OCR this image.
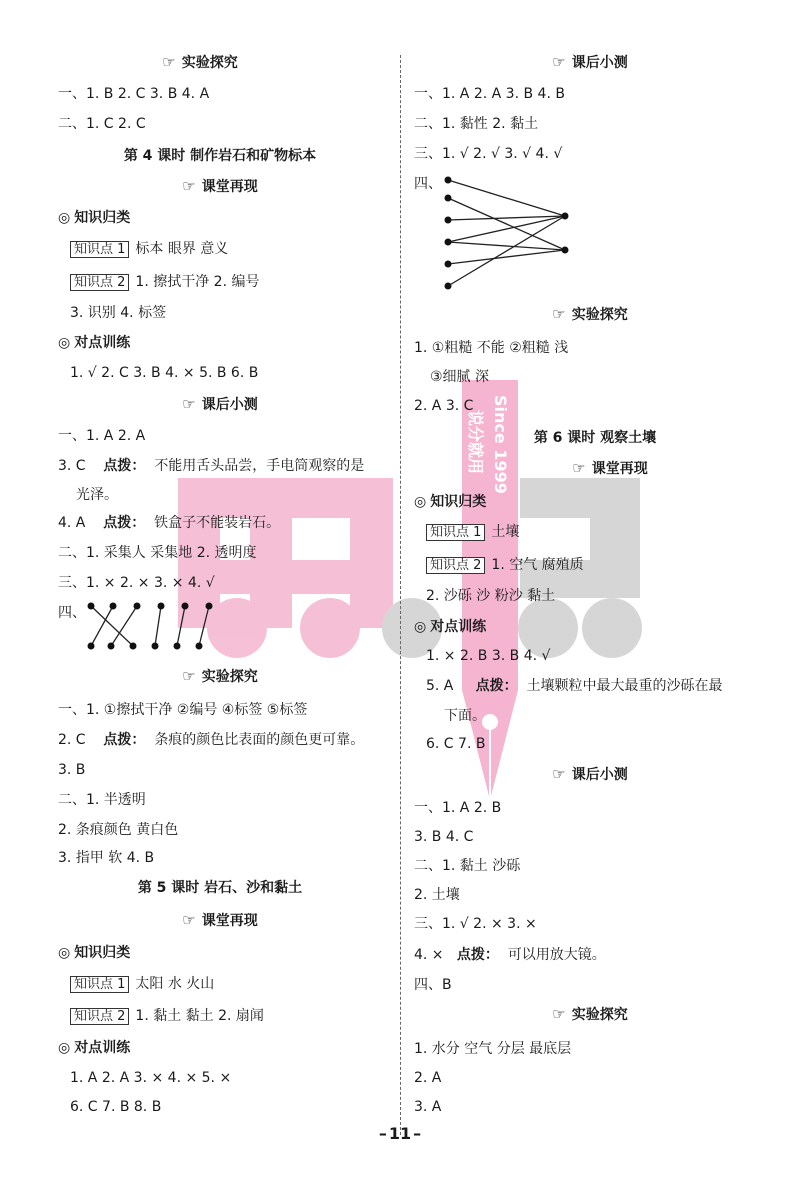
Since 1999
说分就用
☞ 实验探究
一、1. B 2. C 3. B 4. A
二、1. C 2. C
第 4 课时 制作岩石和矿物标本
☞ 课堂再现
◎ 知识归类
知识点 1 标本 眼界 意义
知识点 2 1. 擦拭干净 2. 编号
3. 识别 4. 标签
◎ 对点训练
1. √ 2. C 3. B 4. × 5. B 6. B
☞ 课后小测
一、1. A 2. A
3. C 点拨： 不能用舌头品尝，手电筒观察的是
光泽。
4. A 点拨： 铁盒子不能装岩石。
二、1. 采集人 采集地 2. 透明度
三、1. × 2. × 3. × 4. √
四、
☞ 实验探究
一、1. ①擦拭干净 ②编号 ④标签 ⑤标签
2. C 点拨： 条痕的颜色比表面的颜色更可靠。
3. B
二、1. 半透明
2. 条痕颜色 黄白色
3. 指甲 软 4. B
第 5 课时 岩石、沙和黏土
☞ 课堂再现
◎ 知识归类
知识点 1 太阳 水 火山
知识点 2 1. 黏土 黏土 2. 扇闻
◎ 对点训练
1. A 2. A 3. × 4. × 5. ×
6. C 7. B 8. B
☞ 课后小测
一、1. A 2. A 3. B 4. B
二、1. 黏性 2. 黏土
三、1. √ 2. √ 3. √ 4. √
四、
☞ 实验探究
1. ①粗糙 不能 ②粗糙 浅
③细腻 深
2. A 3. C
第 6 课时 观察土壤
☞ 课堂再现
◎ 知识归类
知识点 1 土壤
知识点 2 1. 空气 腐殖质
2. 沙砾 沙 粉沙 黏土
◎ 对点训练
1. × 2. B 3. B 4. √
5. A 点拨： 土壤颗粒中最大最重的沙砾在最
下面。
6. C 7. B
☞ 课后小测
一、1. A 2. B
3. B 4. C
二、1. 黏土 沙砾
2. 土壤
三、1. √ 2. × 3. ×
4. × 点拨： 可以用放大镜。
四、B
☞ 实验探究
1. 水分 空气 分层 最底层
2. A
3. A
– 11 –
